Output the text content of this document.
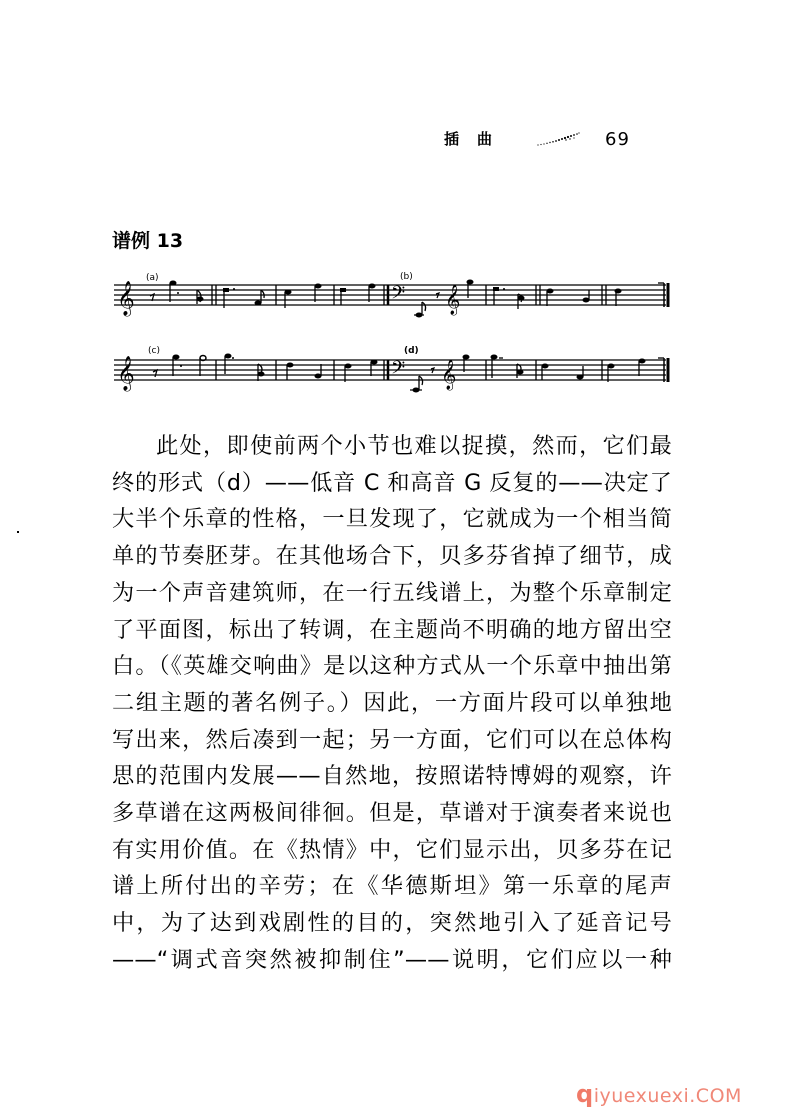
插曲	69
谱例 13
𝄞
(a)	(b)
𝄢 𝄞
𝄞
(c)	(d)
𝄢 𝄞

此处，即使前两个小节也难以捉摸，然而，它们最

终的形式（d）——低音 C 和高音 G 反复的——决定了

大半个乐章的性格，一旦发现了，它就成为一个相当简

单的节奏胚芽。在其他场合下，贝多芬省掉了细节，成

为一个声音建筑师，在一行五线谱上，为整个乐章制定

了平面图，标出了转调，在主题尚不明确的地方留出空

白。（《英雄交响曲》是以这种方式从一个乐章中抽出第

二组主题的著名例子。）因此，一方面片段可以单独地

写出来，然后凑到一起；另一方面，它们可以在总体构

思的范围内发展——自然地，按照诺特博姆的观察，许

多草谱在这两极间徘徊。但是，草谱对于演奏者来说也

有实用价值。在《热情》中，它们显示出，贝多芬在记

谱上所付出的辛劳；在《华德斯坦》第一乐章的尾声

中，为了达到戏剧性的目的，突然地引入了延音记号

——“调式音突然被抑制住”——说明，它们应以一种

qiyuexuexi.COM
